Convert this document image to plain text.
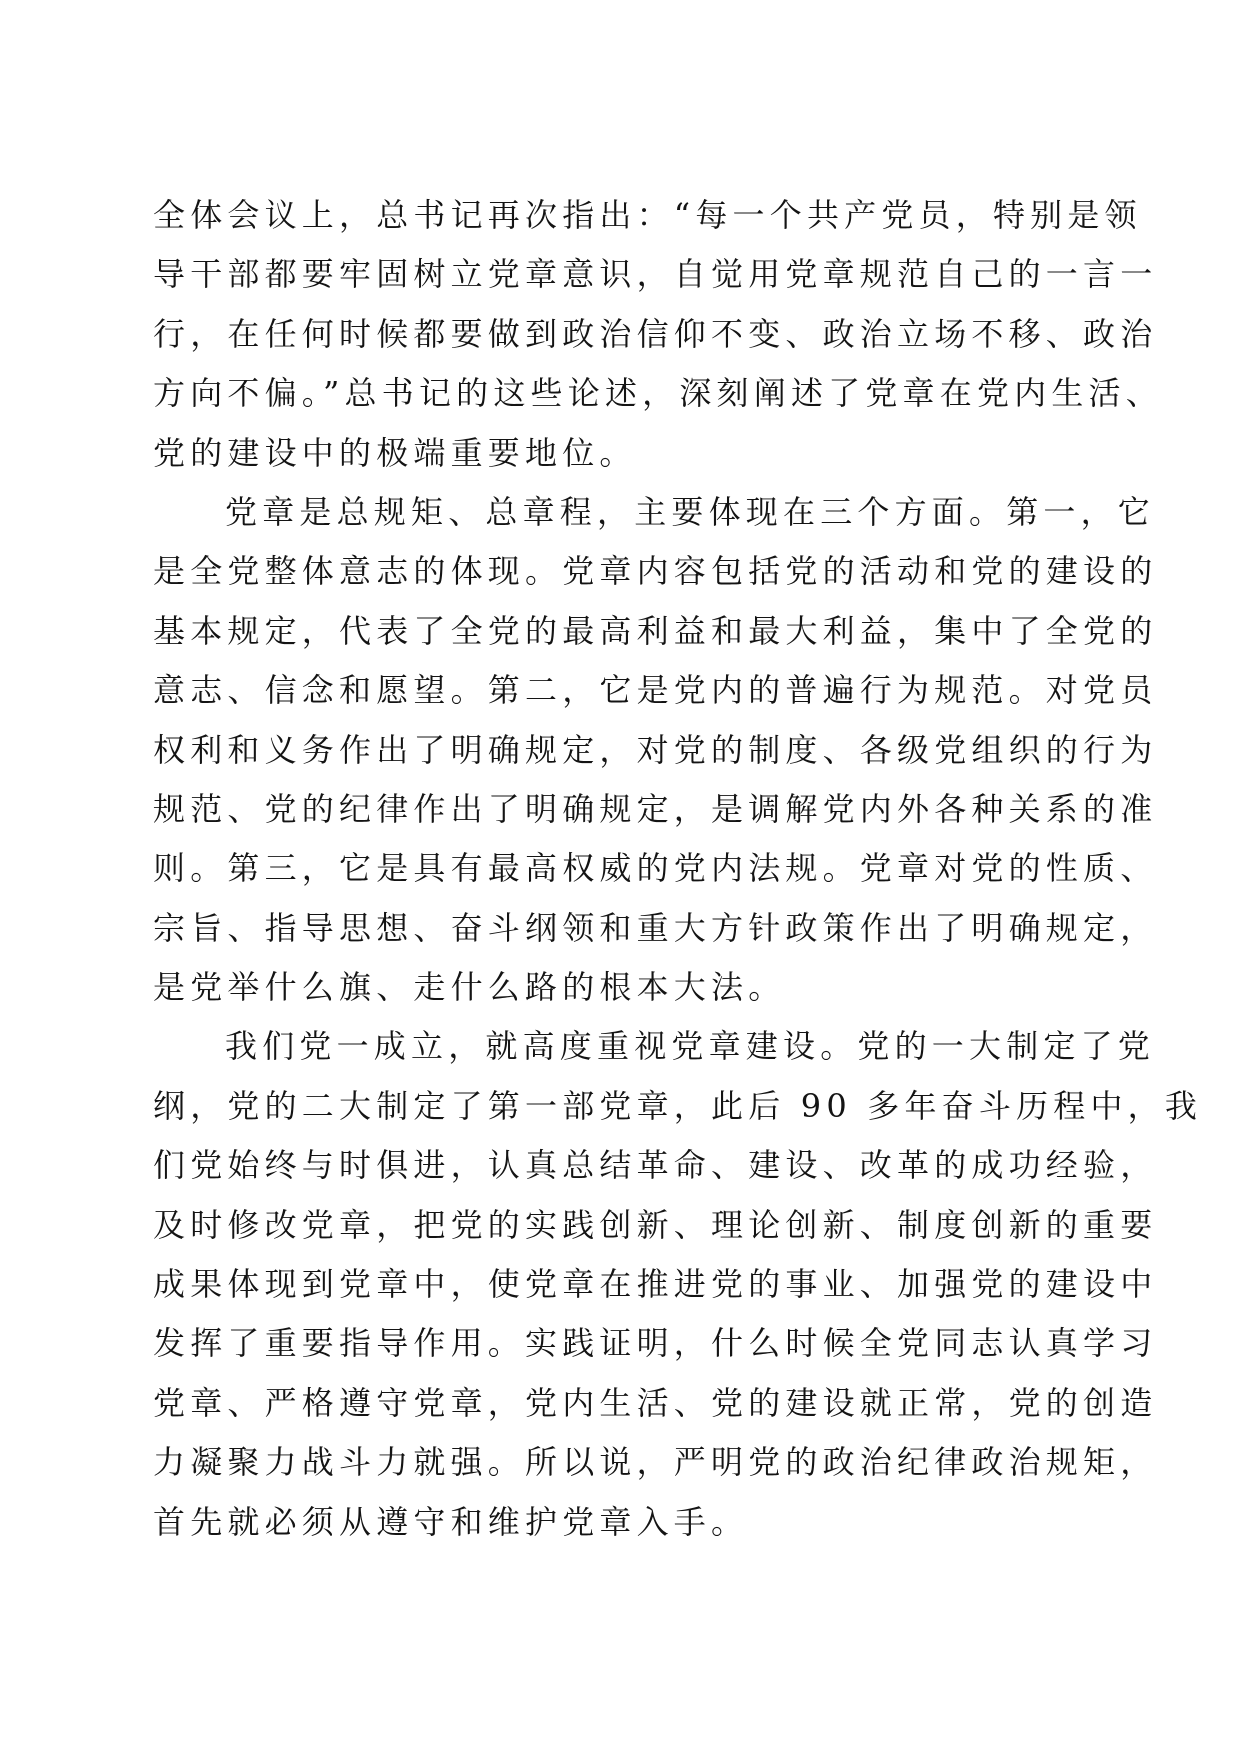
全体会议上，总书记再次指出：“每一个共产党员，特别是领
导干部都要牢固树立党章意识，自觉用党章规范自己的一言一
行，在任何时候都要做到政治信仰不变、政治立场不移、政治
方向不偏。”总书记的这些论述，深刻阐述了党章在党内生活、
党的建设中的极端重要地位。
党章是总规矩、总章程，主要体现在三个方面。第一，它
是全党整体意志的体现。党章内容包括党的活动和党的建设的
基本规定，代表了全党的最高利益和最大利益，集中了全党的
意志、信念和愿望。第二，它是党内的普遍行为规范。对党员
权利和义务作出了明确规定，对党的制度、各级党组织的行为
规范、党的纪律作出了明确规定，是调解党内外各种关系的准
则。第三，它是具有最高权威的党内法规。党章对党的性质、
宗旨、指导思想、奋斗纲领和重大方针政策作出了明确规定，
是党举什么旗、走什么路的根本大法。
我们党一成立，就高度重视党章建设。党的一大制定了党
纲，党的二大制定了第一部党章，此后 90 多年奋斗历程中，我
们党始终与时俱进，认真总结革命、建设、改革的成功经验，
及时修改党章，把党的实践创新、理论创新、制度创新的重要
成果体现到党章中，使党章在推进党的事业、加强党的建设中
发挥了重要指导作用。实践证明，什么时候全党同志认真学习
党章、严格遵守党章，党内生活、党的建设就正常，党的创造
力凝聚力战斗力就强。所以说，严明党的政治纪律政治规矩，
首先就必须从遵守和维护党章入手。
